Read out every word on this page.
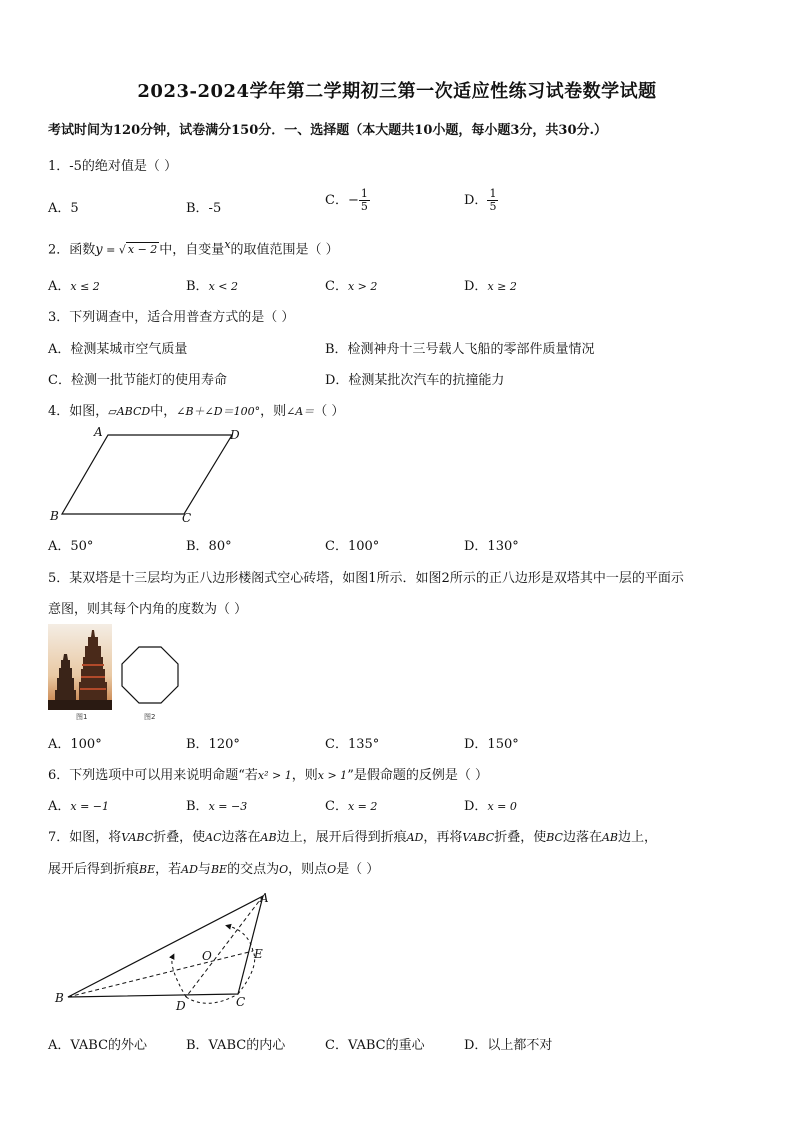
2023-2024学年第二学期初三第一次适应性练习试卷数学试题
考试时间为120分钟，试卷满分150分．一、选择题（本大题共10小题，每小题3分，共30分.）
1．-5的绝对值是（ ）
A．5	B．-5
C．− $\frac{1}{5}$	D． $\frac{1}{5}$
2．函数y = √ x − 2 中，自变量$^x$的取值范围是（ ）
A．x ≤ 2	B．x < 2	C．x > 2	D．x ≥ 2
3．下列调查中，适合用普查方式的是（ ）
A．检测某城市空气质量	B．检测神舟十三号载人飞船的零部件质量情况
C．检测一批节能灯的使用寿命	D．检测某批次汽车的抗撞能力
4．如图，▱ABCD中，∠B＋∠D＝100°，则∠A＝（ ）
A	D
B	C
A．50°	B．80°	C．100°	D．130°
5．某双塔是十三层均为正八边形楼阁式空心砖塔，如图1所示．如图2所示的正八边形是双塔其中一层的平面示
意图，则其每个内角的度数为（ ）
图1	图2
A．100°	B．120°	C．135°	D．150°
6．下列选项中可以用来说明命题“若x² > 1，则x > 1”是假命题的反例是（ ）
A．x = −1	B．x = −3	C．x = 2	D．x = 0
7．如图，将VABC折叠，使AC边落在AB边上，展开后得到折痕AD，再将VABC折叠，使BC边落在AB边上，
展开后得到折痕BE，若AD与BE的交点为O，则点O是（ ）
A
B	C
D
E
O
A．VABC的外心	B．VABC的内心	C．VABC的重心	D．以上都不对
